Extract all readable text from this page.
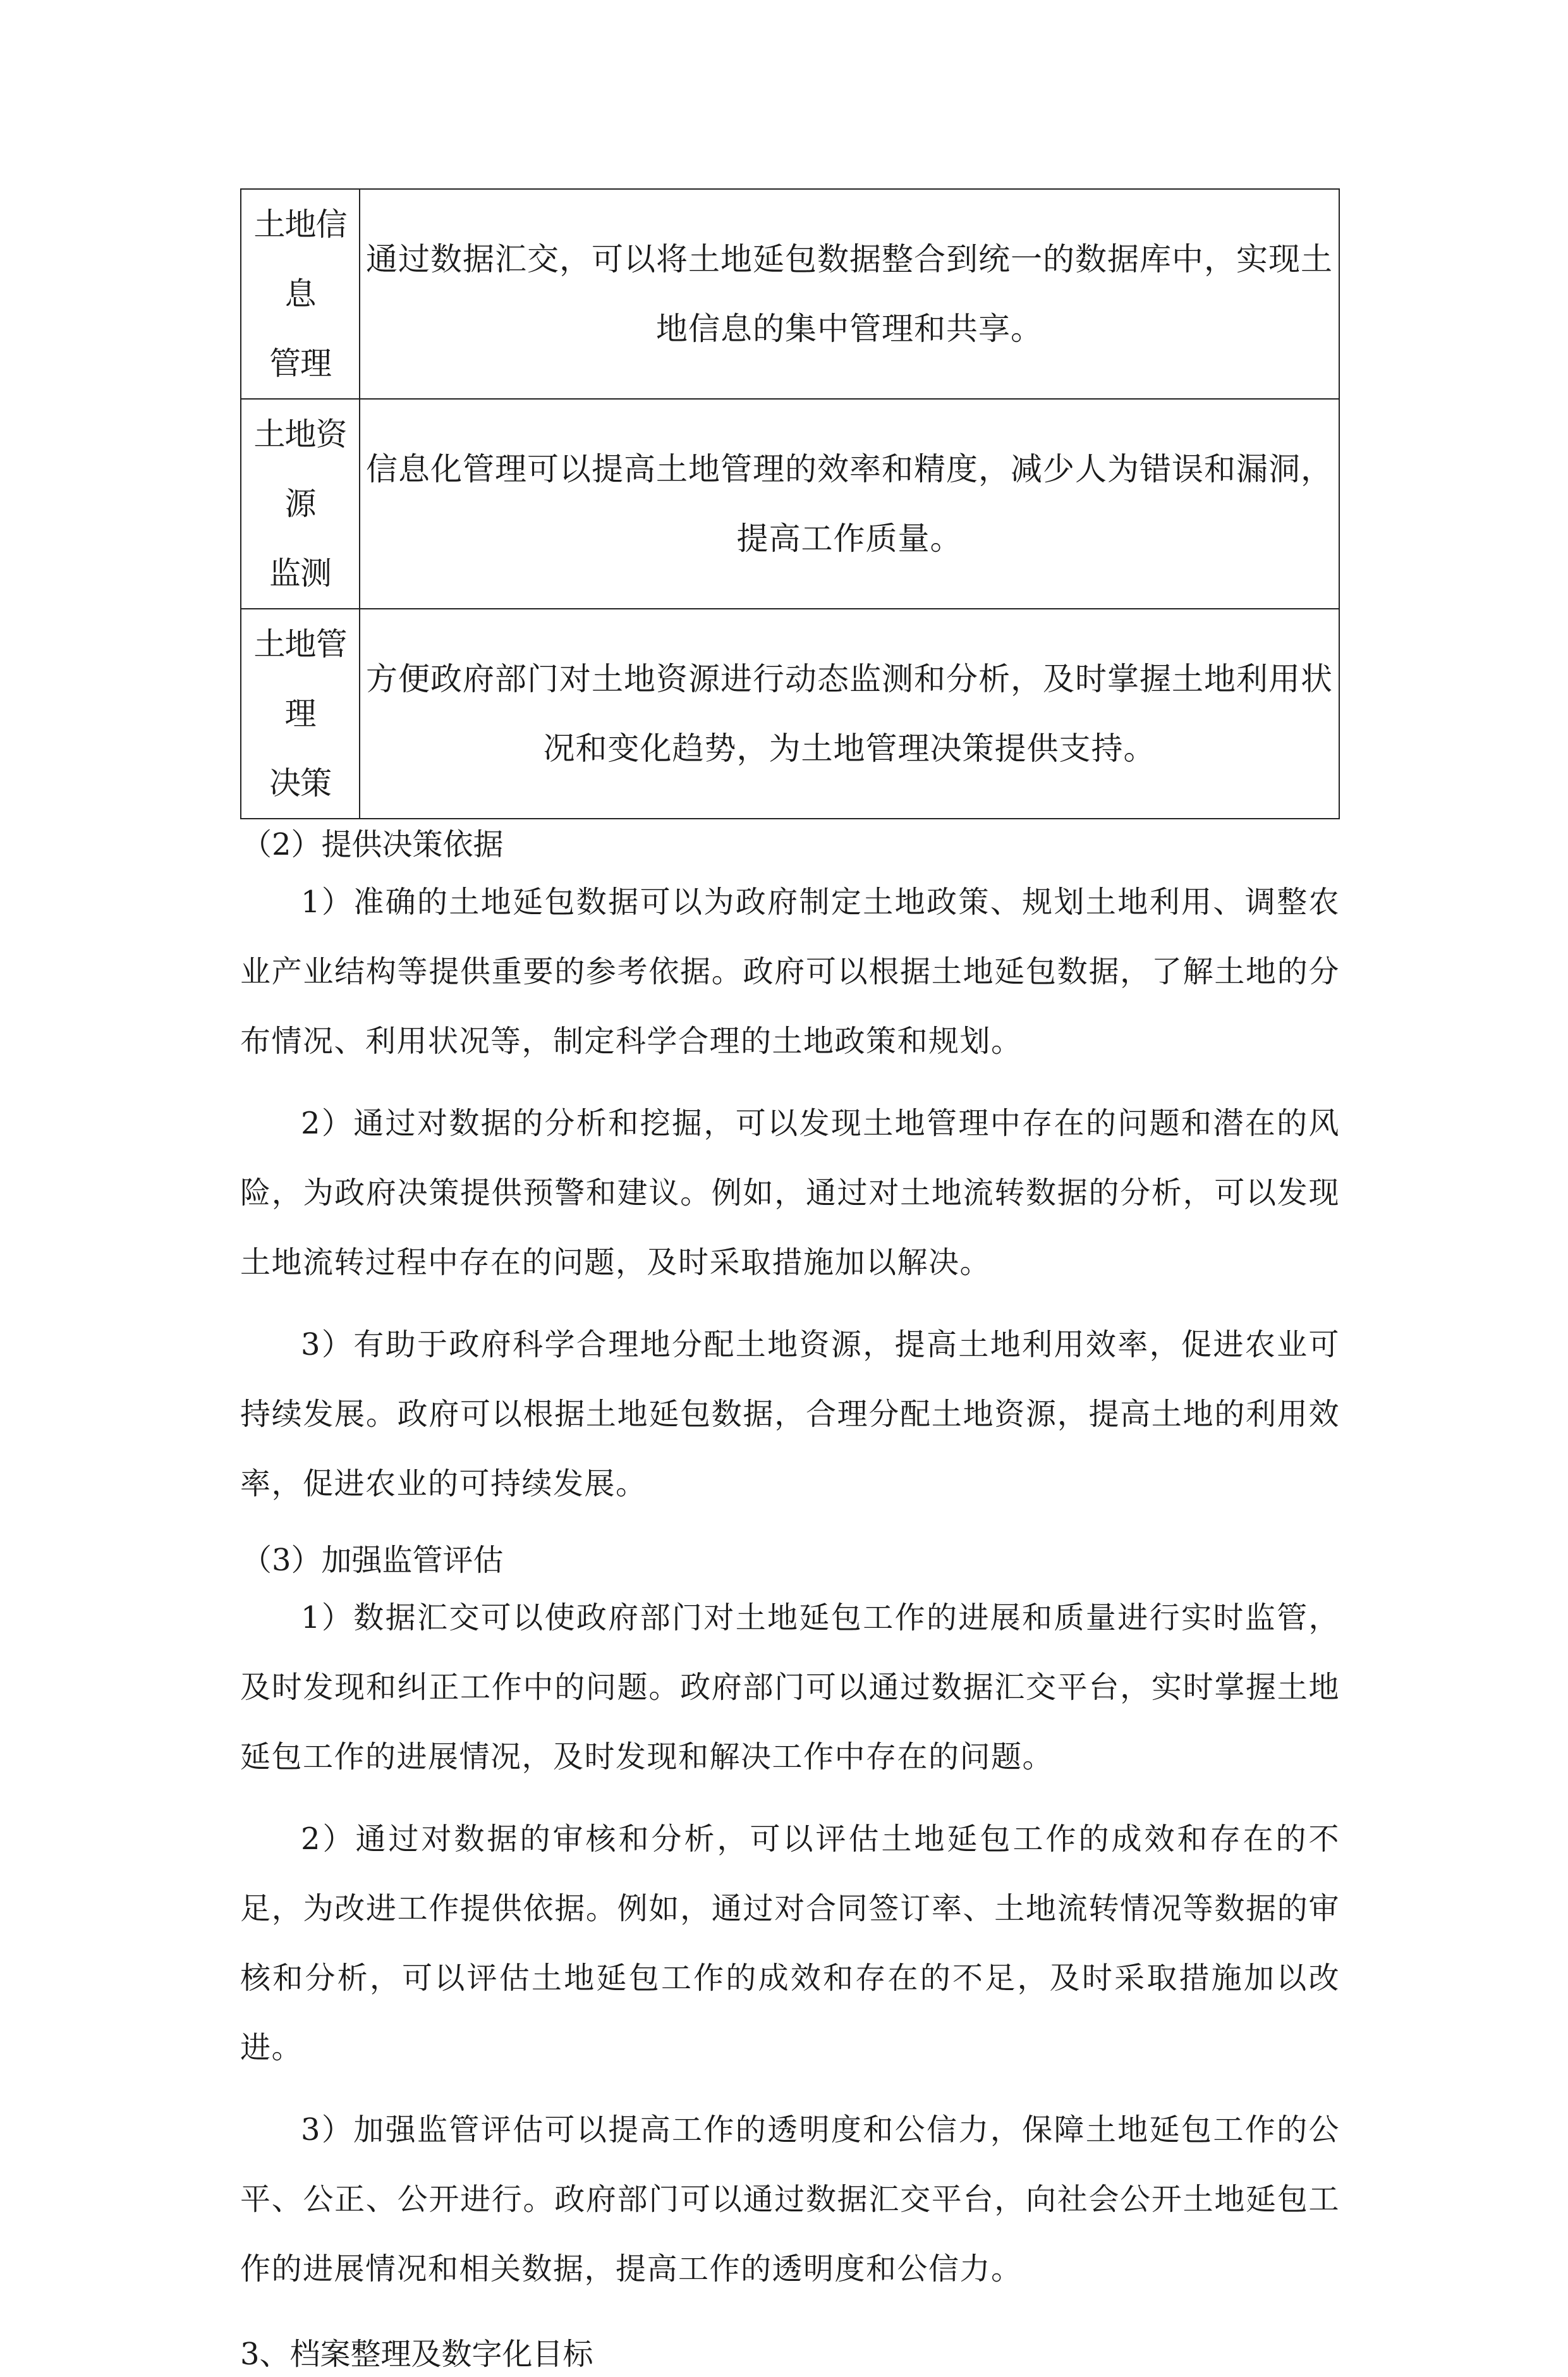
土地信息
管理	通过数据汇交，可以将土地延包数据整合到统一的数据库中，实现土
地信息的集中管理和共享。
土地资源
监测	信息化管理可以提高土地管理的效率和精度，减少人为错误和漏洞，
提高工作质量。
土地管理
决策	方便政府部门对土地资源进行动态监测和分析，及时掌握土地利用状
况和变化趋势，为土地管理决策提供支持。

（2）提供决策依据

1）准确的土地延包数据可以为政府制定土地政策、规划土地利用、调整农业产业结构等提供重要的参考依据。政府可以根据土地延包数据，了解土地的分布情况、利用状况等，制定科学合理的土地政策和规划。

2）通过对数据的分析和挖掘，可以发现土地管理中存在的问题和潜在的风险，为政府决策提供预警和建议。例如，通过对土地流转数据的分析，可以发现土地流转过程中存在的问题，及时采取措施加以解决。

3）有助于政府科学合理地分配土地资源，提高土地利用效率，促进农业可持续发展。政府可以根据土地延包数据，合理分配土地资源，提高土地的利用效率，促进农业的可持续发展。

（3）加强监管评估

1）数据汇交可以使政府部门对土地延包工作的进展和质量进行实时监管，及时发现和纠正工作中的问题。政府部门可以通过数据汇交平台，实时掌握土地延包工作的进展情况，及时发现和解决工作中存在的问题。

2）通过对数据的审核和分析，可以评估土地延包工作的成效和存在的不足，为改进工作提供依据。例如，通过对合同签订率、土地流转情况等数据的审核和分析，可以评估土地延包工作的成效和存在的不足，及时采取措施加以改进。

3）加强监管评估可以提高工作的透明度和公信力，保障土地延包工作的公平、公正、公开进行。政府部门可以通过数据汇交平台，向社会公开土地延包工作的进展情况和相关数据，提高工作的透明度和公信力。

3、档案整理及数字化目标
